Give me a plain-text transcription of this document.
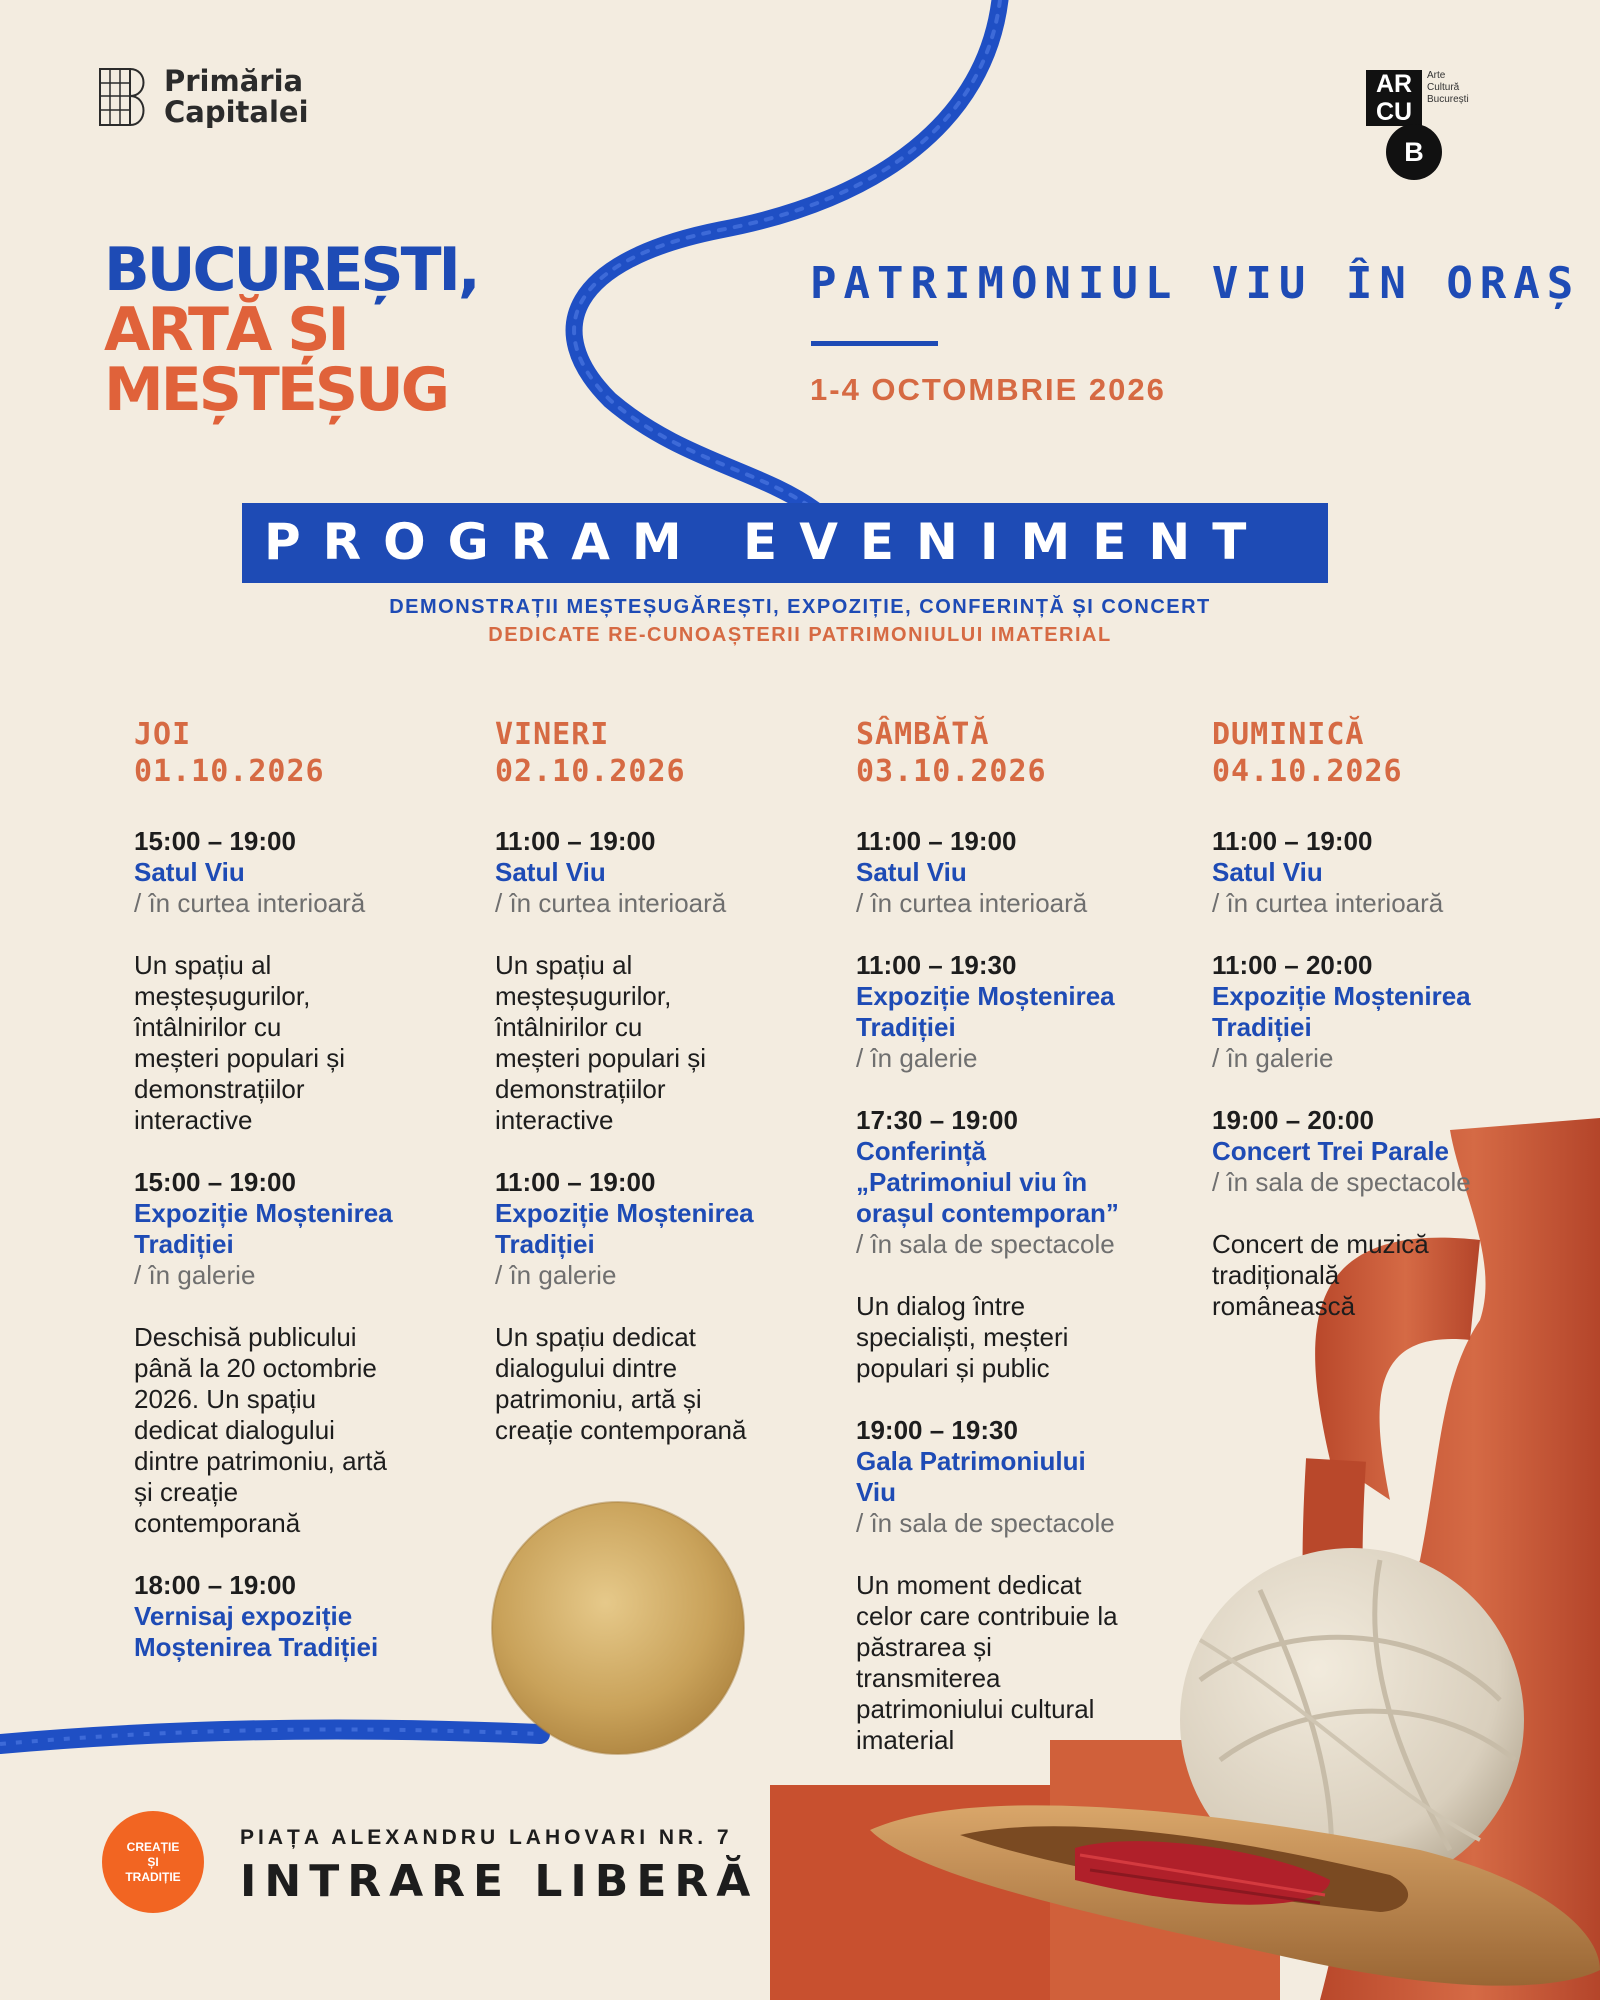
Primăria
Capitalei
AR
CU
B
Arte
Cultură
București
BUCUREȘTI,
ARTĂ ȘI
MEȘTEȘUG
PATRIMONIUL VIU ÎN ORAȘ
1-4 OCTOMBRIE 2026
PROGRAM EVENIMENT
DEMONSTRAȚII MEȘTEȘUGĂREȘTI, EXPOZIȚIE, CONFERINȚĂ ȘI CONCERT
DEDICATE RE-CUNOAȘTERII PATRIMONIULUI IMATERIAL
JOI
01.10.2026
15:00 – 19:00
Satul Viu
/ în curtea interioară
Un spațiu al meșteșugurilor, întâlnirilor cu meșteri populari și demonstrațiilor interactive
15:00 – 19:00
Expoziție Moștenirea Tradiției
/ în galerie
Deschisă publicului până la 20 octombrie 2026. Un spațiu dedicat dialogului dintre patrimoniu, artă și creație contemporană
18:00 – 19:00
Vernisaj expoziție Moștenirea Tradiției
VINERI
02.10.2026
11:00 – 19:00
Satul Viu
/ în curtea interioară
Un spațiu al meșteșugurilor, întâlnirilor cu meșteri populari și demonstrațiilor interactive
11:00 – 19:00
Expoziție Moștenirea Tradiției
/ în galerie
Un spațiu dedicat dialogului dintre patrimoniu, artă și creație contemporană
SÂMBĂTĂ
03.10.2026
11:00 – 19:00
Satul Viu
/ în curtea interioară
11:00 – 19:30
Expoziție Moștenirea Tradiției
/ în galerie
17:30 – 19:00
Conferință „Patrimoniul viu în orașul contemporan”
/ în sala de spectacole
Un dialog între specialiști, meșteri populari și public
19:00 – 19:30
Gala Patrimoniului Viu
/ în sala de spectacole
Un moment dedicat celor care contribuie la păstrarea și transmiterea patrimoniului cultural imaterial
DUMINICĂ
04.10.2026
11:00 – 19:00
Satul Viu
/ în curtea interioară
11:00 – 20:00
Expoziție Moștenirea Tradiției
/ în galerie
19:00 – 20:00
Concert Trei Parale
/ în sala de spectacole
Concert de muzică tradițională românească
CREAȚIE
ȘI
TRADIȚIE
PIAȚA ALEXANDRU LAHOVARI NR. 7
INTRARE LIBERĂ
